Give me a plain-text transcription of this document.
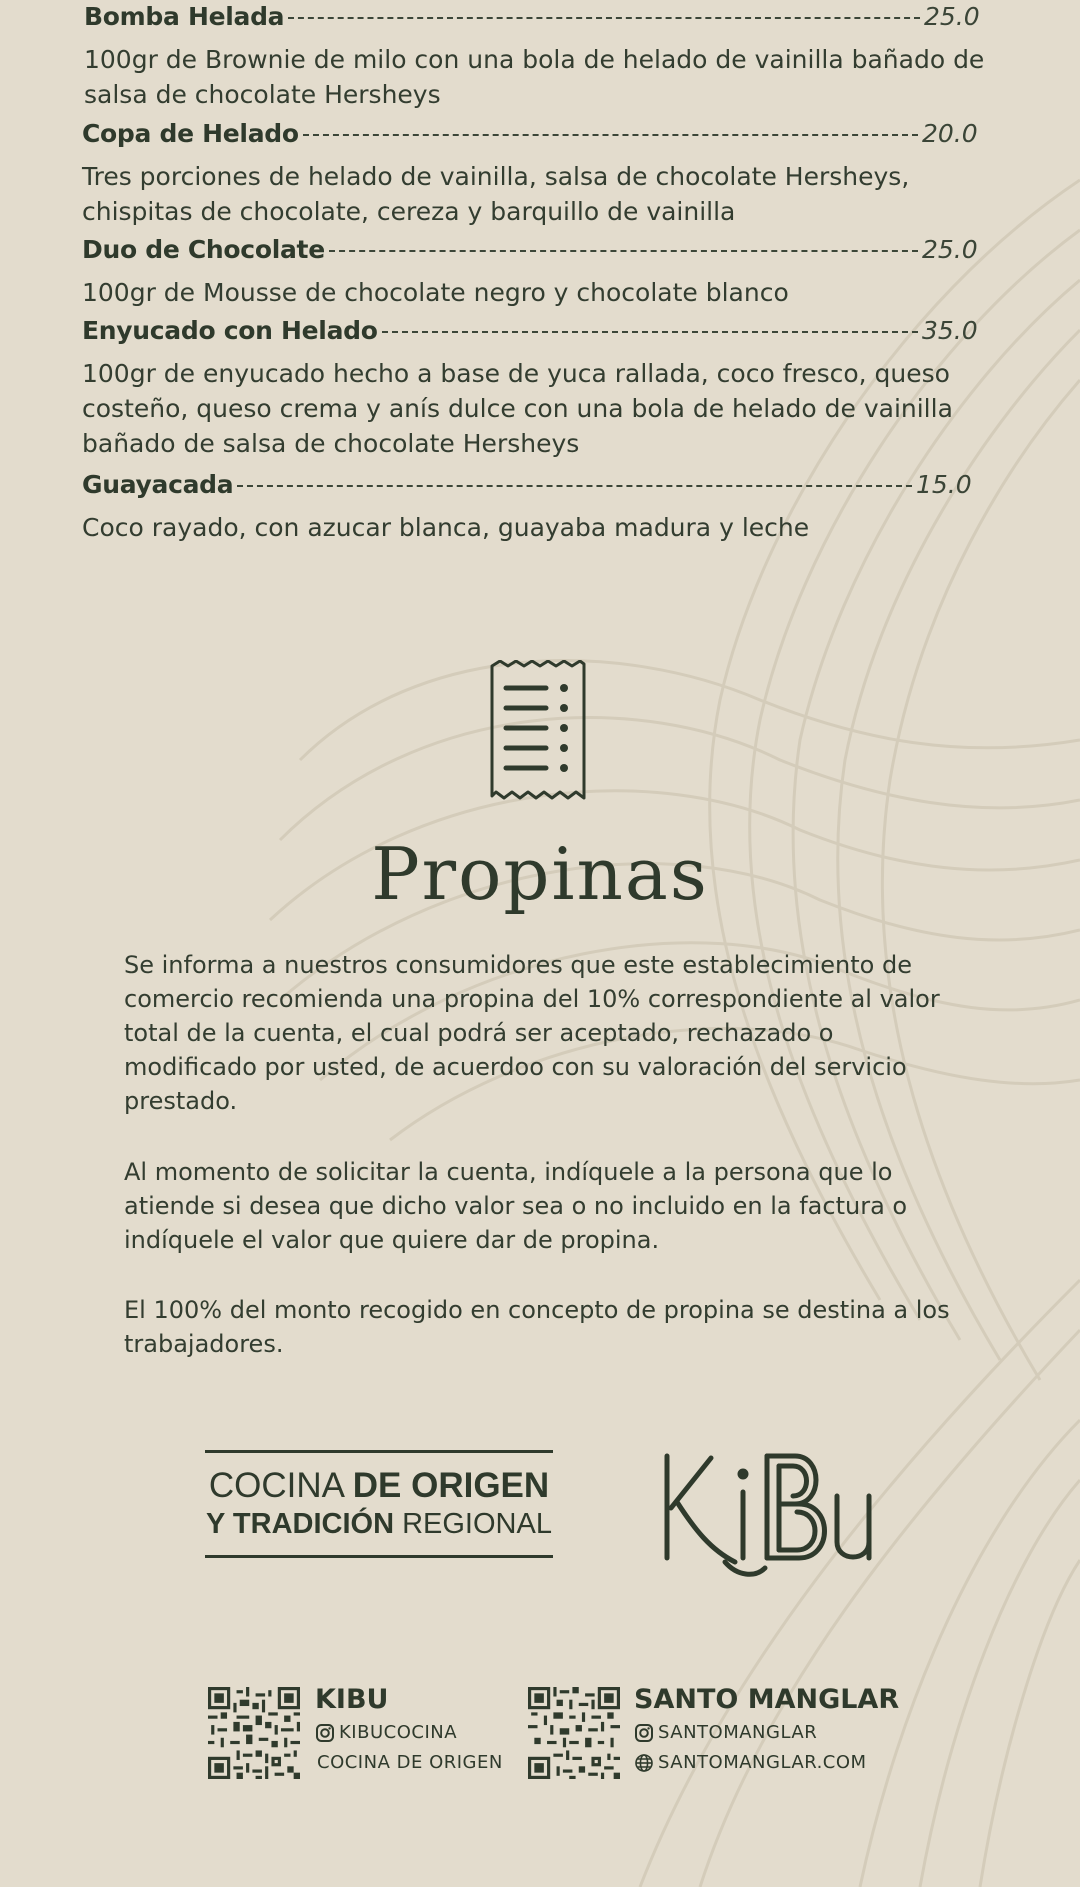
Bomba Helada	25.0
100gr de Brownie de milo con una bola de helado de vainilla bañado de salsa de chocolate Hersheys
Copa de Helado	20.0
Tres porciones de helado de vainilla, salsa de chocolate Hersheys, chispitas de chocolate, cereza y barquillo de vainilla
Duo de Chocolate	25.0
100gr de Mousse de chocolate negro y chocolate blanco
Enyucado con Helado	35.0
100gr de enyucado hecho a base de yuca rallada, coco fresco, queso costeño, queso crema y anís dulce con una bola de helado de vainilla bañado de salsa de chocolate Hersheys
Guayacada	15.0
Coco rayado, con azucar blanca, guayaba madura y leche
Propinas
Se informa a nuestros consumidores que este establecimiento de comercio recomienda una propina del 10% correspondiente al valor total de la cuenta, el cual podrá ser aceptado, rechazado o modificado por usted, de acuerdoo con su valoración del servicio prestado.
Al momento de solicitar la cuenta, indíquele a la persona que lo atiende si desea que dicho valor sea o no incluido en la factura o indíquele el valor que quiere dar de propina.
El 100% del monto recogido en concepto de propina se destina a los trabajadores.
COCINA DE ORIGEN
Y TRADICIÓN REGIONAL
KIBU
KIBUCOCINA
COCINA DE ORIGEN
SANTO MANGLAR
SANTOMANGLAR
SANTOMANGLAR.COM
